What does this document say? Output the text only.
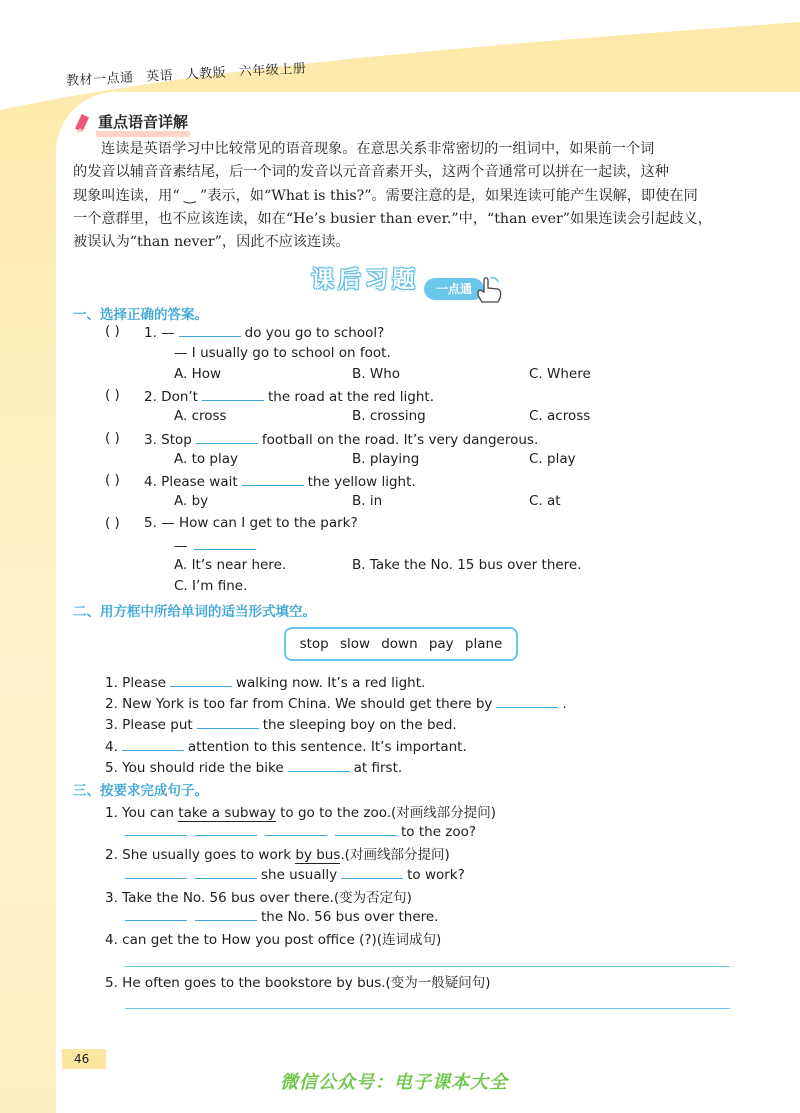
教材一点通 英语 人教版 六年级上册
重点语音详解

连读是英语学习中比较常见的语音现象。在意思关系非常密切的一组词中，如果前一个词

的发音以辅音音素结尾，后一个词的发音以元音音素开头，这两个音通常可以拼在一起读，这种

现象叫连读，用“ ‿ ”表示，如“What is this?”。需要注意的是，如果连读可能产生误解，即使在同

一个意群里，也不应该连读，如在“He’s busier than ever.”中，“than ever”如果连读会引起歧义，

被误认为“than never”，因此不应该连读。

课后习题	一点通
一、选择正确的答案。
( ) 1. —	do you go to school?
— I usually go to school on foot.
A. How	B. Who	C. Where
( ) 2. Don’t	the road at the red light.
A. cross	B. crossing	C. across
( ) 3. Stop	football on the road. It’s very dangerous.
A. to play	B. playing	C. play
( ) 4. Please wait	the yellow light.
A. by	B. in	C. at
( ) 5. — How can I get to the park?
—
A. It’s near here.	B. Take the No. 15 bus over there.
C. I’m fine.
二、用方框中所给单词的适当形式填空。
stop slow down pay plane
1. Please	walking now. It’s a red light.
2. New York is too far from China. We should get there by	.
3. Please put	the sleeping boy on the bed.
4.	attention to this sentence. It’s important.
5. You should ride the bike	at first.
三、按要求完成句子。
1. You can take a subway to go to the zoo.(对画线部分提问)
to the zoo?
2. She usually goes to work by bus.(对画线部分提问)
she usually	to work?
3. Take the No. 56 bus over there.(变为否定句)
the No. 56 bus over there.
4. can get the to How you post office (?)(连词成句)
5. He often goes to the bookstore by bus.(变为一般疑问句)
46
微信公众号：电子课本大全
